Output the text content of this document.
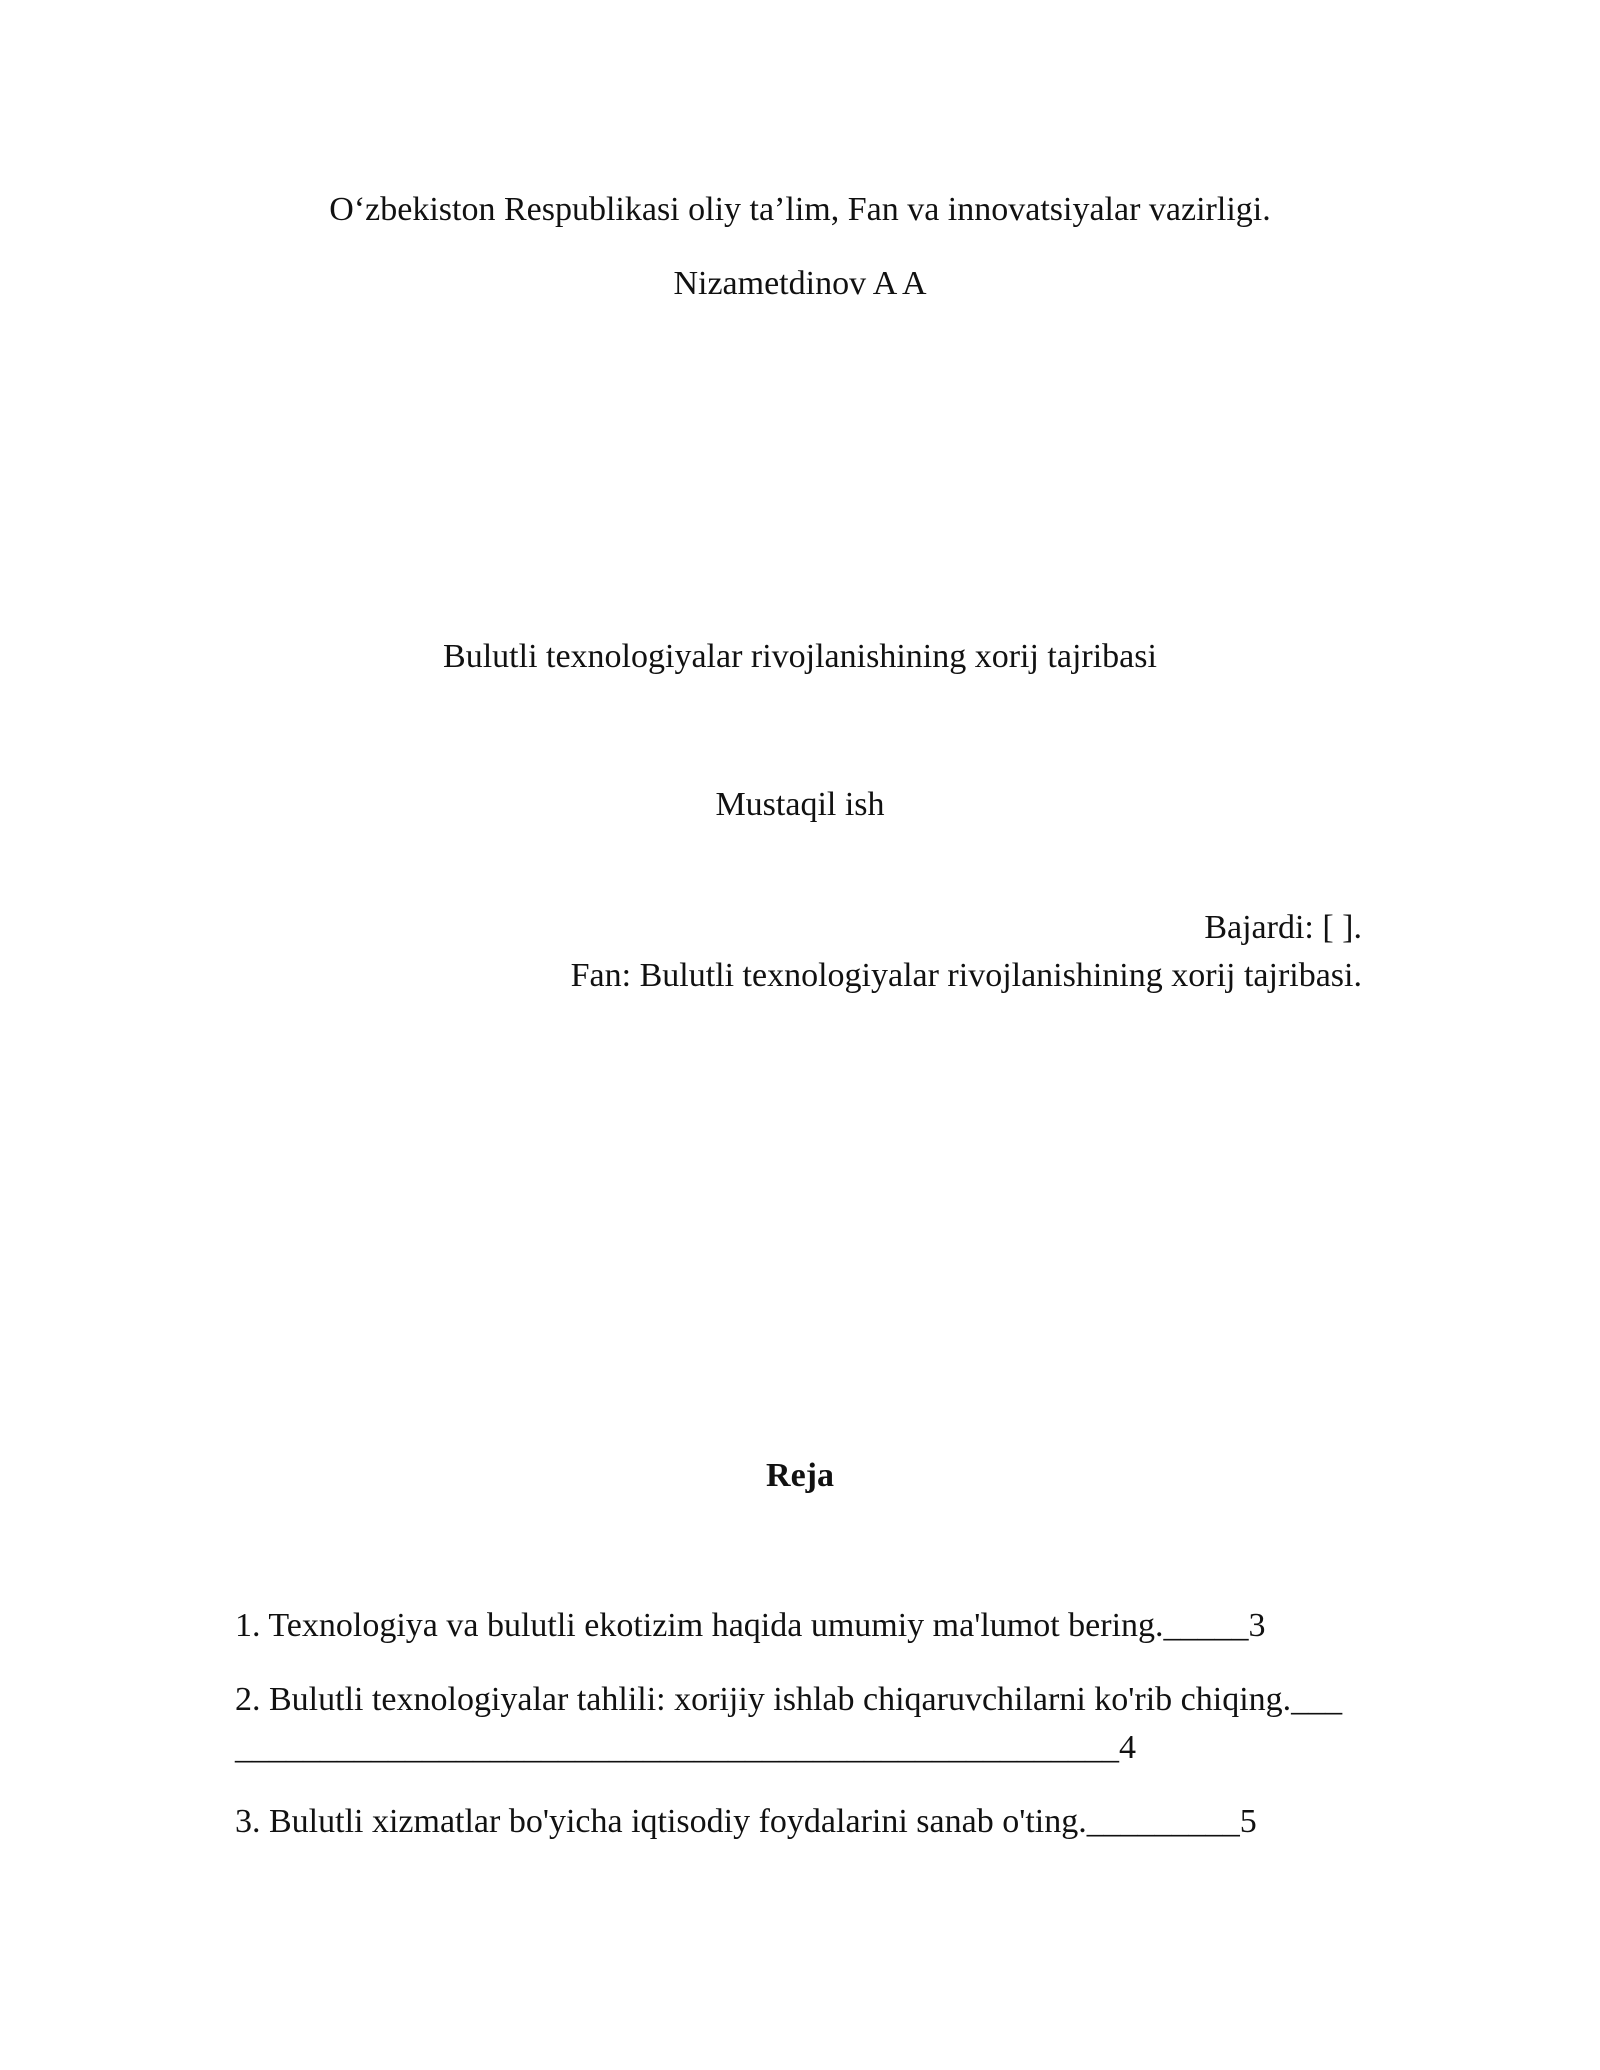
O‘zbekiston Respublikasi oliy ta’lim, Fan va innovatsiyalar vazirligi.
Nizametdinov A A
Bulutli texnologiyalar rivojlanishining xorij tajribasi
Mustaqil ish
Bajardi: [ ].
Fan: Bulutli texnologiyalar rivojlanishining xorij tajribasi.
Reja

1. Texnologiya va bulutli ekotizim haqida umumiy ma'lumot bering._____3

2. Bulutli texnologiyalar tahlili: xorijiy ishlab chiqaruvchilarni ko'rib chiqing._______________________________________________________4

3. Bulutli xizmatlar bo'yicha iqtisodiy foydalarini sanab o'ting._________5
